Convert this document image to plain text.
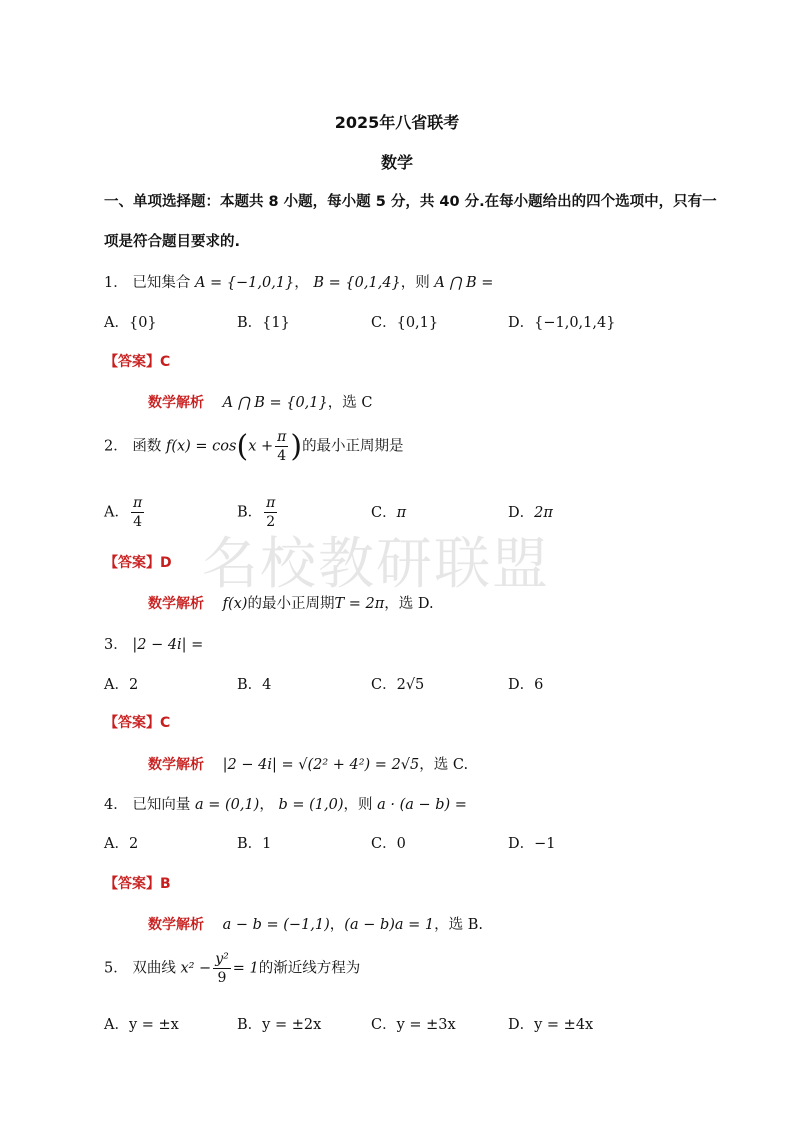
名校教研联盟
2025年八省联考
数学
一、单项选择题：本题共 8 小题，每小题 5 分，共 40 分.在每小题给出的四个选项中，只有一
项是符合题目要求的.
1． 已知集合 A = {−1,0,1}， B = {0,1,4}，则 A ⋂ B =
A．{0}	B．{1}	C．{0,1}	D．{−1,0,1,4}
【答案】C
数学解析 A ⋂ B = {0,1}，选 C
2． 函数 $f(x) = \cos(x + \frac{\pi}{4}$ )的最小正周期是
A． $\frac{\pi}{4}$	B． $\frac{\pi}{2}$	C．π	D．2π
【答案】D
数学解析 f(x)的最小正周期T = 2π，选 D.
3． |2 − 4i| =
A．2	B．4	C．2√5	D．6
【答案】C
数学解析 |2 − 4i| = √(2² + 4²) = 2√5，选 C.
4． 已知向量 a = (0,1)， b = (1,0)，则 a · (a − b) =
A．2	B．1	C．0	D．−1
【答案】B
数学解析 a − b = (−1,1)，(a − b)a = 1，选 B.
5． 双曲线 $x^2 - \frac{\text{y²}}{9} = 1$的渐近线方程为
A．y = ±x	B．y = ±2x	C．y = ±3x	D．y = ±4x
